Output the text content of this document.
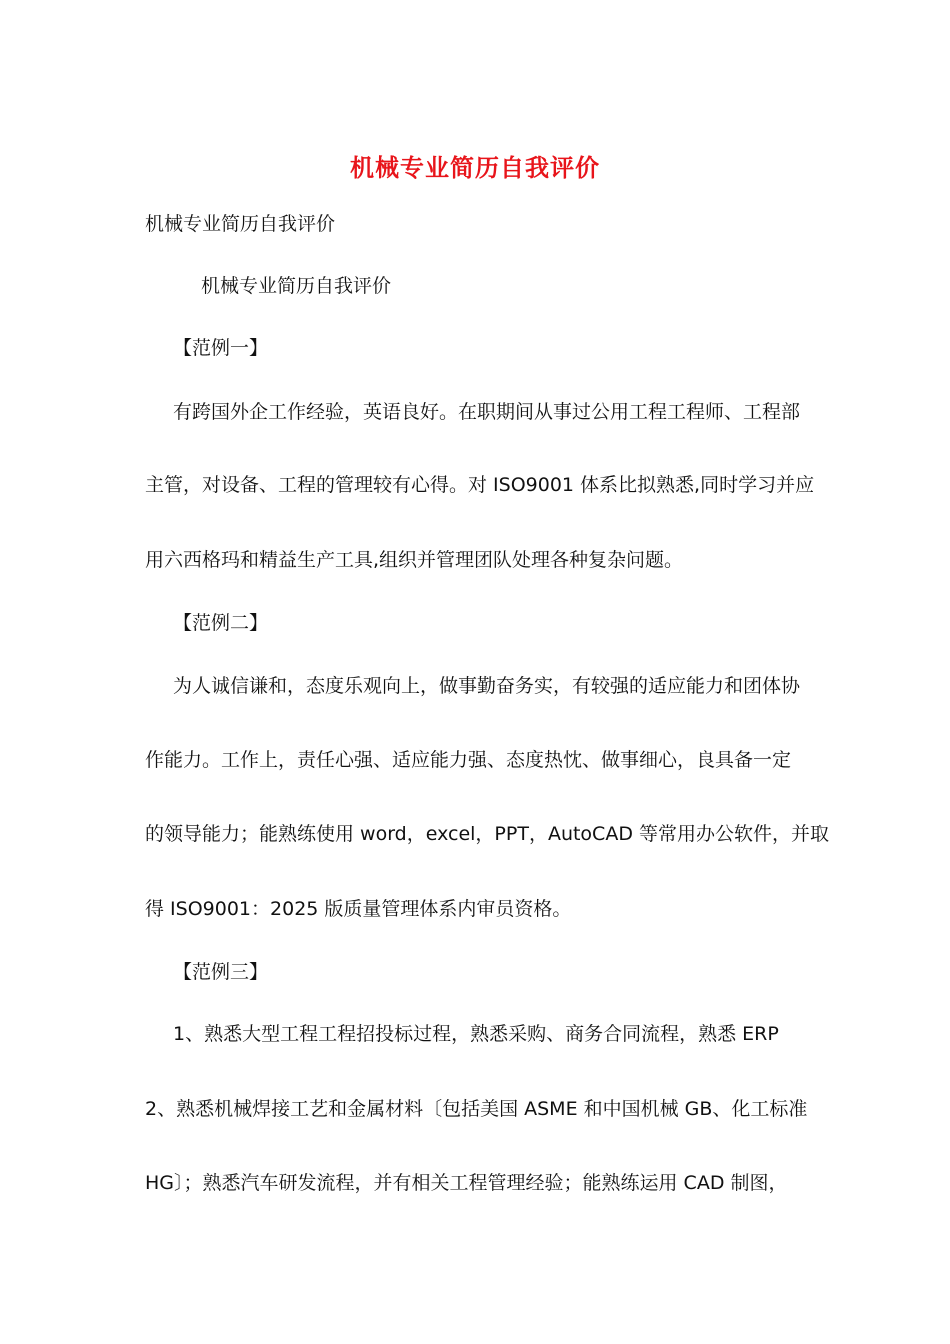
机械专业简历自我评价
机械专业简历自我评价
机械专业简历自我评价
【范例一】
有跨国外企工作经验，英语良好。在职期间从事过公用工程工程师、工程部
主管，对设备、工程的管理较有心得。对 ISO9001 体系比拟熟悉,同时学习并应
用六西格玛和精益生产工具,组织并管理团队处理各种复杂问题。
【范例二】
为人诚信谦和，态度乐观向上，做事勤奋务实，有较强的适应能力和团体协
作能力。工作上，责任心强、适应能力强、态度热忱、做事细心，良具备一定
的领导能力；能熟练使用 word，excel，PPT，AutoCAD 等常用办公软件，并取
得 ISO9001：2025 版质量管理体系内审员资格。
【范例三】
1、熟悉大型工程工程招投标过程，熟悉采购、商务合同流程，熟悉 ERP
2、熟悉机械焊接工艺和金属材料〔包括美国 ASME 和中国机械 GB、化工标准
HG〕；熟悉汽车研发流程，并有相关工程管理经验；能熟练运用 CAD 制图，
